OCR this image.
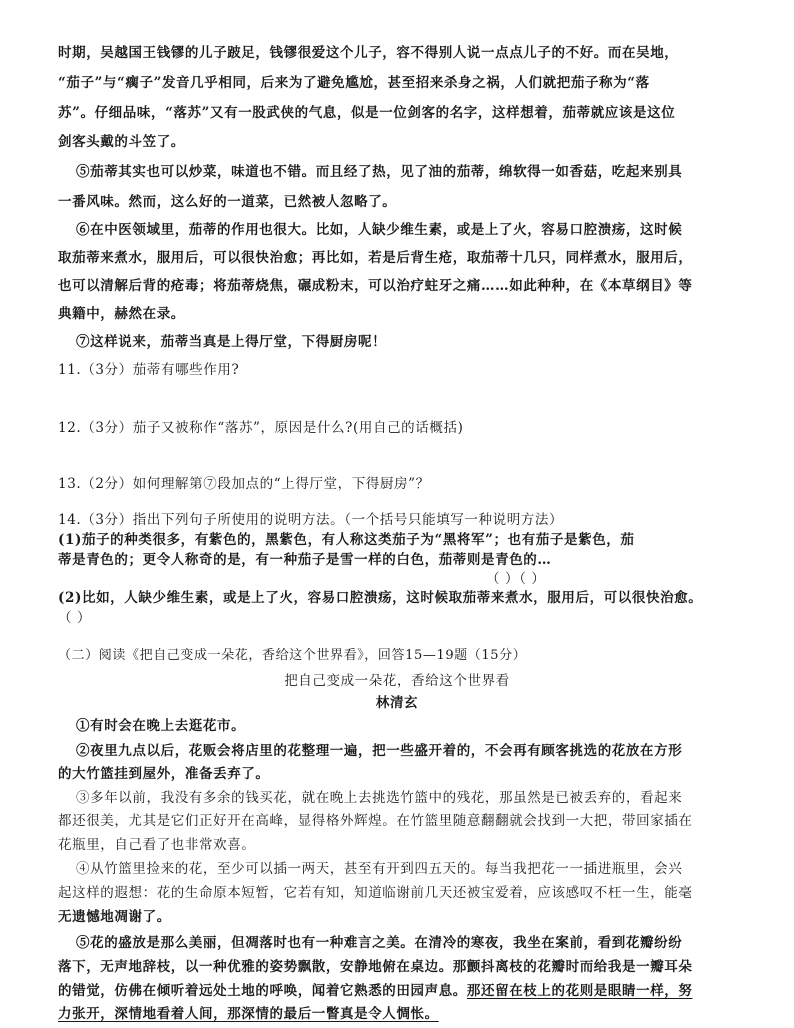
时期，吴越国王钱镠的儿子跛足，钱镠很爱这个儿子，容不得别人说一点点儿子的不好。而在吴地，
“茄子”与“瘸子”发音几乎相同，后来为了避免尴尬，甚至招来杀身之祸，人们就把茄子称为“落
苏”。仔细品味，“落苏”又有一股武侠的气息，似是一位剑客的名字，这样想着，茄蒂就应该是这位
剑客头戴的斗笠了。
⑤茄蒂其实也可以炒菜，味道也不错。而且经了热，见了油的茄蒂，绵软得一如香菇，吃起来别具
一番风味。然而，这么好的一道菜，已然被人忽略了。
⑥在中医领域里，茄蒂的作用也很大。比如，人缺少维生素，或是上了火，容易口腔溃疡，这时候
取茄蒂来煮水，服用后，可以很快治愈；再比如，若是后背生疮，取茄蒂十几只，同样煮水，服用后，
也可以清解后背的疮毒；将茄蒂烧焦，碾成粉末，可以治疗蛀牙之痛……如此种种，在《本草纲目》等
典籍中，赫然在录。
⑦这样说来，茄蒂当真是上得厅堂，下得厨房呢！
11.（3分）茄蒂有哪些作用?
12.（3分）茄子又被称作“落苏”，原因是什么?(用自己的话概括)
13.（2分）如何理解第⑦段加点的“上得厅堂，下得厨房”？
14.（3分）指出下列句子所使用的说明方法。（一个括号只能填写一种说明方法）
(1)茄子的种类很多，有紫色的，黑紫色，有人称这类茄子为“黑将军”；也有茄子是紫色，茄
蒂是青色的；更令人称奇的是，有一种茄子是雪一样的白色，茄蒂则是青色的…
（ ）（ ）
(2)比如，人缺少维生素，或是上了火，容易口腔溃疡，这时候取茄蒂来煮水，服用后，可以很快治愈。
（ ）
（二）阅读《把自己变成一朵花，香给这个世界看》，回答15—19题（15分）
把自己变成一朵花，香给这个世界看
林清玄
①有时会在晚上去逛花市。
②夜里九点以后，花贩会将店里的花整理一遍，把一些盛开着的，不会再有顾客挑选的花放在方形
的大竹篮挂到屋外，准备丢弃了。
③多年以前，我没有多余的钱买花，就在晚上去挑选竹篮中的残花，那虽然是已被丢弃的，看起来
都还很美，尤其是它们正好开在高峰，显得格外辉煌。在竹篮里随意翻翻就会找到一大把，带回家插在
花瓶里，自己看了也非常欢喜。
④从竹篮里捡来的花，至少可以插一两天，甚至有开到四五天的。每当我把花一一插进瓶里，会兴
起这样的遐想：花的生命原本短暂，它若有知，知道临谢前几天还被宝爱着，应该感叹不枉一生，能毫
无遗憾地凋谢了。
⑤花的盛放是那么美丽，但凋落时也有一种难言之美。在清冷的寒夜，我坐在案前，看到花瓣纷纷
落下，无声地辞枝，以一种优雅的姿势飘散，安静地俯在桌边。那颤抖离枝的花瓣时而给我是一瓣耳朵
的错觉，仿佛在倾听着远处土地的呼唤，闻着它熟悉的田园声息。那还留在枝上的花则是眼睛一样，努
力张开，深情地看着人间，那深情的最后一瞥真是令人惆怅。
